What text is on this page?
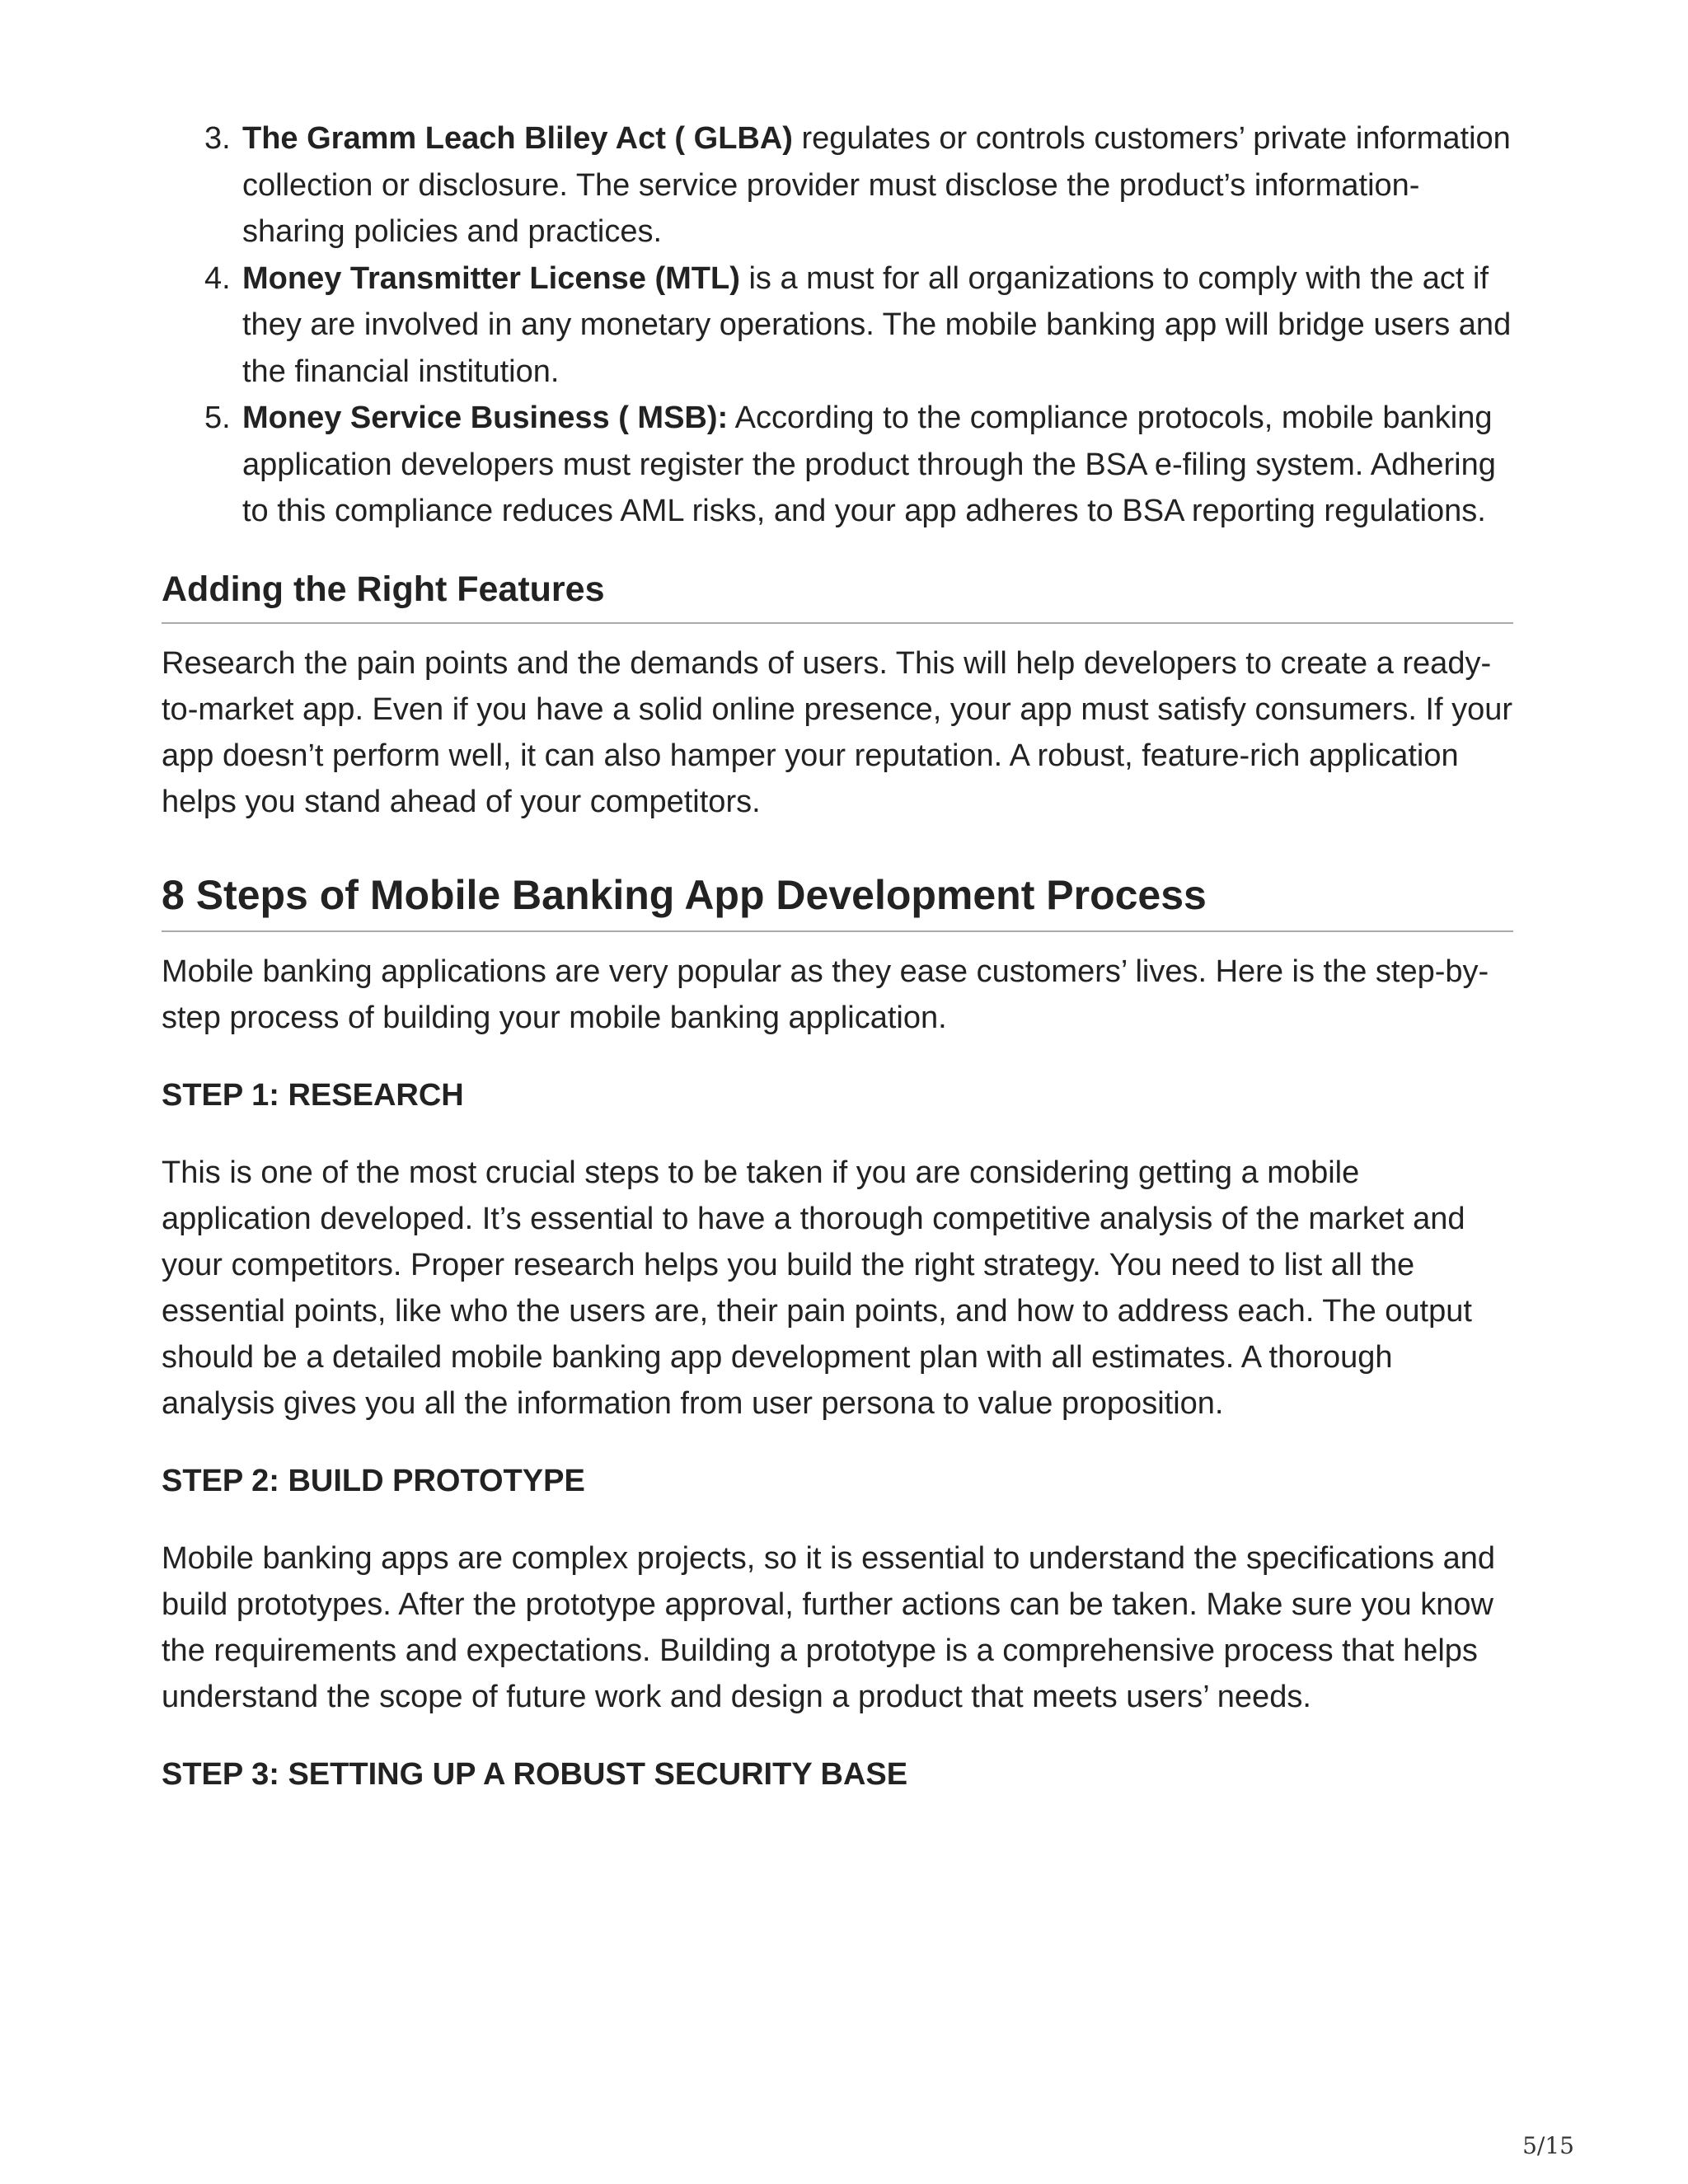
3. The Gramm Leach Bliley Act ( GLBA) regulates or controls customers’ private information collection or disclosure. The service provider must disclose the product’s information-sharing policies and practices.
4. Money Transmitter License (MTL) is a must for all organizations to comply with the act if they are involved in any monetary operations. The mobile banking app will bridge users and the financial institution.
5. Money Service Business ( MSB): According to the compliance protocols, mobile banking application developers must register the product through the BSA e-filing system. Adhering to this compliance reduces AML risks, and your app adheres to BSA reporting regulations.
Adding the Right Features

Research the pain points and the demands of users. This will help developers to create a ready-to-market app. Even if you have a solid online presence, your app must satisfy consumers. If your app doesn’t perform well, it can also hamper your reputation. A robust, feature-rich application helps you stand ahead of your competitors.

8 Steps of Mobile Banking App Development Process

Mobile banking applications are very popular as they ease customers’ lives. Here is the step-by-step process of building your mobile banking application.

STEP 1: RESEARCH

This is one of the most crucial steps to be taken if you are considering getting a mobile application developed. It’s essential to have a thorough competitive analysis of the market and your competitors. Proper research helps you build the right strategy. You need to list all the essential points, like who the users are, their pain points, and how to address each. The output should be a detailed mobile banking app development plan with all estimates. A thorough analysis gives you all the information from user persona to value proposition.

STEP 2: BUILD PROTOTYPE

Mobile banking apps are complex projects, so it is essential to understand the specifications and build prototypes. After the prototype approval, further actions can be taken. Make sure you know the requirements and expectations. Building a prototype is a comprehensive process that helps understand the scope of future work and design a product that meets users’ needs.

STEP 3: SETTING UP A ROBUST SECURITY BASE

5/15
